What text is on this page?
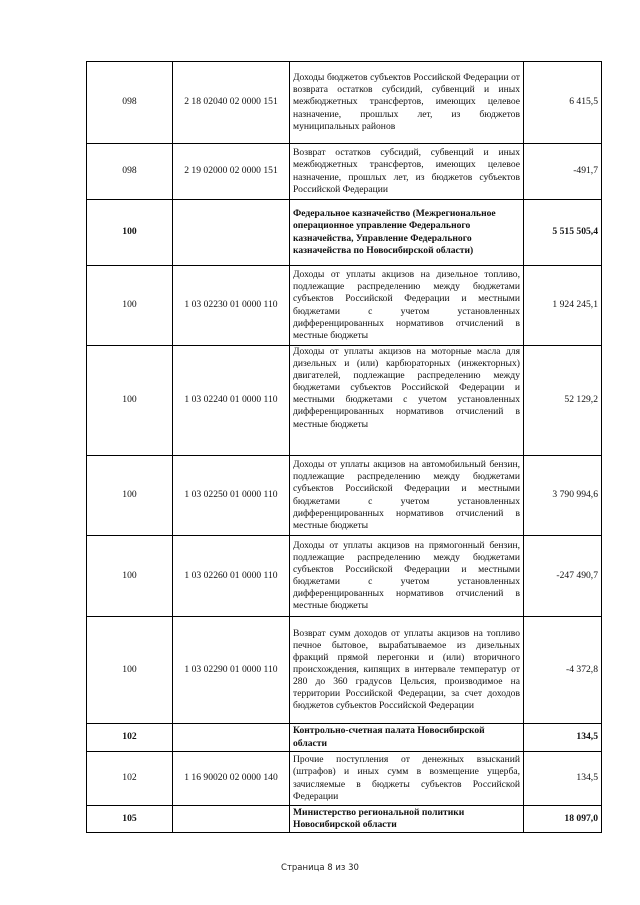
098	2 18 02040 02 0000 151	Доходы бюджетов субъектов Российской Федерации от возврата остатков субсидий, субвенций и иных межбюджетных трансфертов, имеющих целевое назначение, прошлых лет, из бюджетов муниципальных районов	6 415,5
098	2 19 02000 02 0000 151	Возврат остатков субсидий, субвенций и иных межбюджетных трансфертов, имеющих целевое назначение, прошлых лет, из бюджетов субъектов Российской Федерации	-491,7
100		Федеральное казначейство (Межрегиональное операционное управление Федерального казначейства, Управление Федерального казначейства по Новосибирской области)	5 515 505,4
100	1 03 02230 01 0000 110	Доходы от уплаты акцизов на дизельное топливо, подлежащие распределению между бюджетами субъектов Российской Федерации и местными бюджетами с учетом установленных дифференцированных нормативов отчислений в местные бюджеты	1 924 245,1
100	1 03 02240 01 0000 110	Доходы от уплаты акцизов на моторные масла для дизельных и (или) карбюраторных (инжекторных) двигателей, подлежащие распределению между бюджетами субъектов Российской Федерации и местными бюджетами с учетом установленных дифференцированных нормативов отчислений в местные бюджеты	52 129,2
100	1 03 02250 01 0000 110	Доходы от уплаты акцизов на автомобильный бензин, подлежащие распределению между бюджетами субъектов Российской Федерации и местными бюджетами с учетом установленных дифференцированных нормативов отчислений в местные бюджеты	3 790 994,6
100	1 03 02260 01 0000 110	Доходы от уплаты акцизов на прямогонный бензин, подлежащие распределению между бюджетами субъектов Российской Федерации и местными бюджетами с учетом установленных дифференцированных нормативов отчислений в местные бюджеты	-247 490,7
100	1 03 02290 01 0000 110	Возврат сумм доходов от уплаты акцизов на топливо печное бытовое, вырабатываемое из дизельных фракций прямой перегонки и (или) вторичного происхождения, кипящих в интервале температур от 280 до 360 градусов Цельсия, производимое на территории Российской Федерации, за счет доходов бюджетов субъектов Российской Федерации	-4 372,8
102		Контрольно-счетная палата Новосибирской области	134,5
102	1 16 90020 02 0000 140	Прочие поступления от денежных взысканий (штрафов) и иных сумм в возмещение ущерба, зачисляемые в бюджеты субъектов Российской Федерации	134,5
105		Министерство региональной политики Новосибирской области	18 097,0
Страница 8 из 30
